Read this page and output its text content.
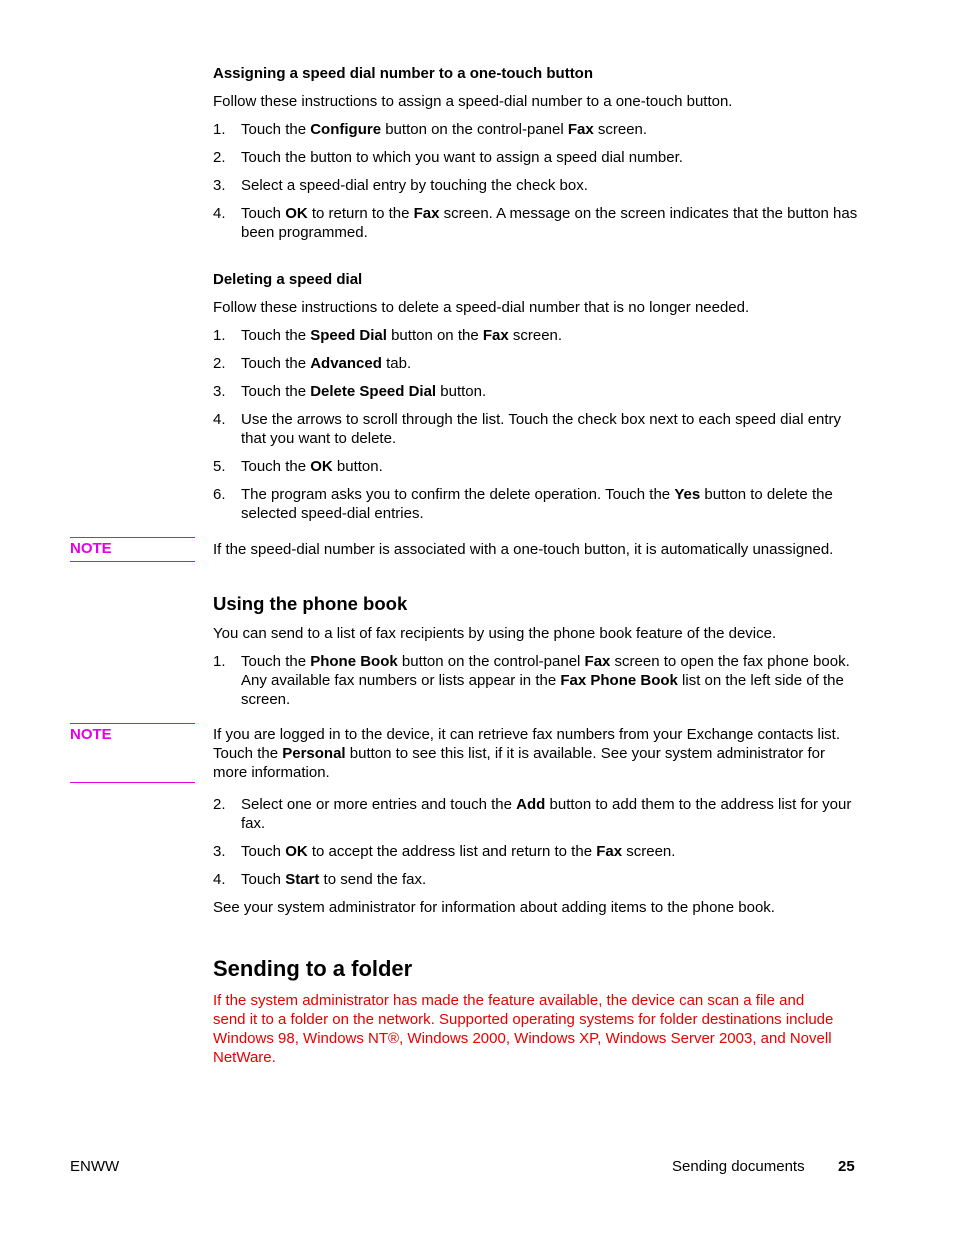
Assigning a speed dial number to a one-touch button
Follow these instructions to assign a speed-dial number to a one-touch button.
1.	Touch the Configure button on the control-panel Fax screen.
2.	Touch the button to which you want to assign a speed dial number.
3.	Select a speed-dial entry by touching the check box.
4.	Touch OK to return to the Fax screen. A message on the screen indicates that the button has been programmed.
Deleting a speed dial
Follow these instructions to delete a speed-dial number that is no longer needed.
1.	Touch the Speed Dial button on the Fax screen.
2.	Touch the Advanced tab.
3.	Touch the Delete Speed Dial button.
4.	Use the arrows to scroll through the list. Touch the check box next to each speed dial entry that you want to delete.
5.	Touch the OK button.
6.	The program asks you to confirm the delete operation. Touch the Yes button to delete the selected speed-dial entries.
NOTE	If the speed-dial number is associated with a one-touch button, it is automatically unassigned.
Using the phone book
You can send to a list of fax recipients by using the phone book feature of the device.
1.	Touch the Phone Book button on the control-panel Fax screen to open the fax phone book. Any available fax numbers or lists appear in the Fax Phone Book list on the left side of the screen.
NOTE	If you are logged in to the device, it can retrieve fax numbers from your Exchange contacts list. Touch the Personal button to see this list, if it is available. See your system administrator for more information.
2.	Select one or more entries and touch the Add button to add them to the address list for your fax.
3.	Touch OK to accept the address list and return to the Fax screen.
4.	Touch Start to send the fax.
See your system administrator for information about adding items to the phone book.
Sending to a folder
If the system administrator has made the feature available, the device can scan a file and send it to a folder on the network. Supported operating systems for folder destinations include Windows 98, Windows NT®, Windows 2000, Windows XP, Windows Server 2003, and Novell NetWare.
ENWW	Sending documents 25
